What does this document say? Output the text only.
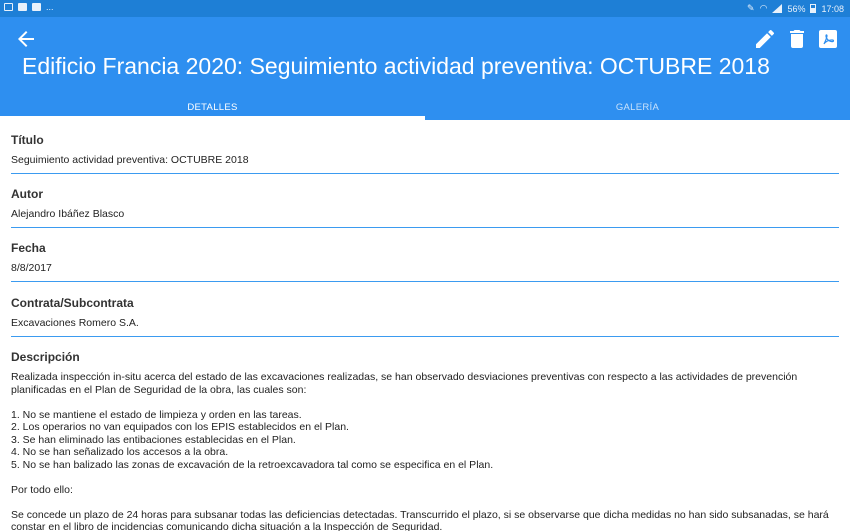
...	✎ ◠ 56% 17:08
Edificio Francia 2020: Seguimiento actividad preventiva: OCTUBRE 2018
DETALLES	GALERÍA
Título
Seguimiento actividad preventiva: OCTUBRE 2018
Autor
Alejandro Ibáñez Blasco
Fecha
8/8/2017
Contrata/Subcontrata
Excavaciones Romero S.A.
Descripción
Realizada inspección in-situ acerca del estado de las excavaciones realizadas, se han observado desviaciones preventivas con respecto a las actividades de prevención
planificadas en el Plan de Seguridad de la obra, las cuales son:
1. No se mantiene el estado de limpieza y orden en las tareas.
2. Los operarios no van equipados con los EPIS establecidos en el Plan.
3. Se han eliminado las entibaciones establecidas en el Plan.
4. No se han señalizado los accesos a la obra.
5. No se han balizado las zonas de excavación de la retroexcavadora tal como se especifica en el Plan.
Por todo ello:
Se concede un plazo de 24 horas para subsanar todas las deficiencias detectadas. Transcurrido el plazo, si se observarse que dicha medidas no han sido subsanadas, se hará
constar en el libro de incidencias comunicando dicha situación a la Inspección de Seguridad.
